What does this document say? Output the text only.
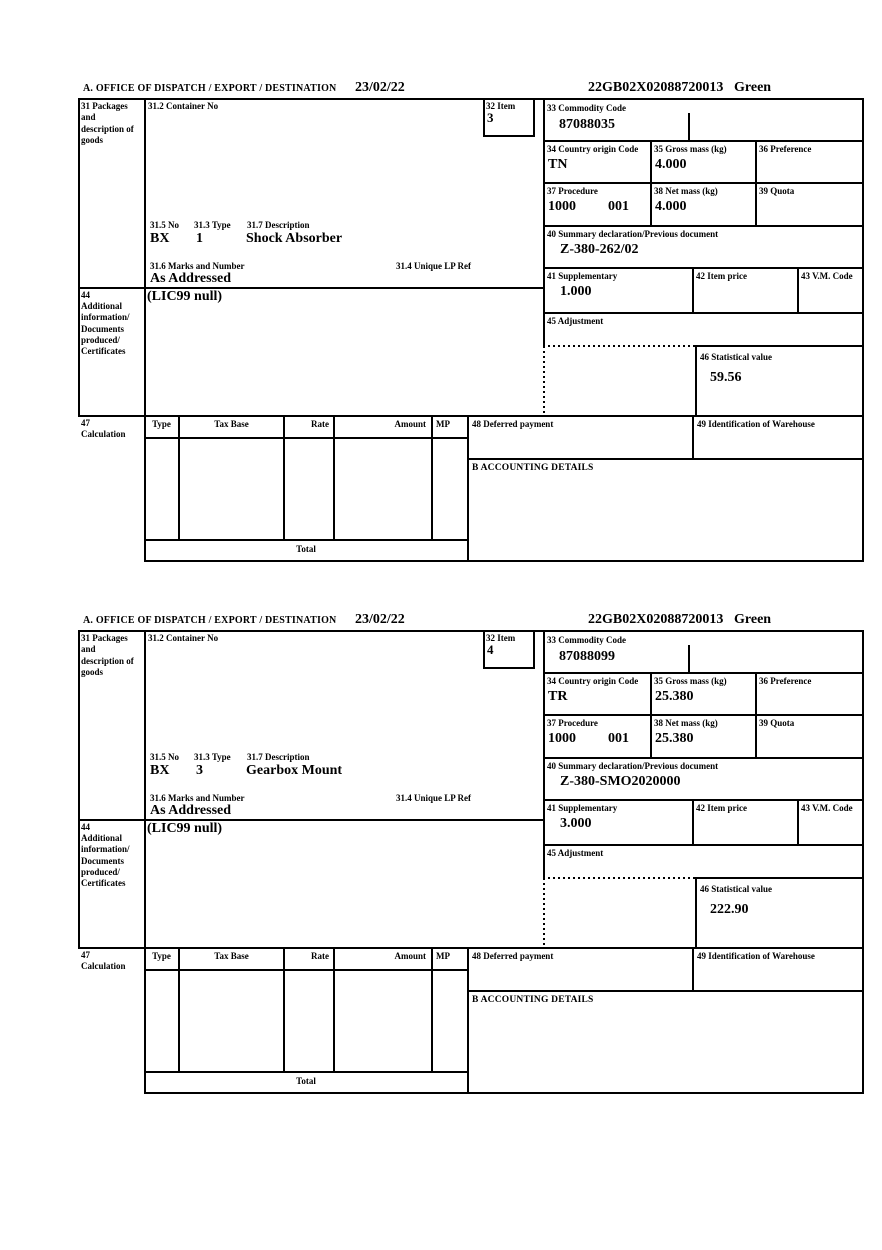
A. OFFICE OF DISPATCH / EXPORT / DESTINATION 23/02/22	22GB02X02088720013 Green
31 Packages and description of goods
44
Additional information/ Documents produced/ Certificates
47
Calculation
31.2 Container No	32 Item
3
31.5 No 31.3 Type 31.7 Description
BX 1	Shock Absorber
31.6 Marks and Number	31.4 Unique LP Ref
As Addressed
(LIC99 null)
33 Commodity Code
87088035
34 Country origin Code
TN
35 Gross mass (kg)
4.000
36 Preference
37 Procedure
1000 001
38 Net mass (kg)
4.000
39 Quota
40 Summary declaration/Previous document
Z-380-262/02
41 Supplementary
1.000
42 Item price	43 V.M. Code
45 Adjustment
46 Statistical value
59.56
Type	Tax Base	Rate	Amount MP
Total
48 Deferred payment	49 Identification of Warehouse
B ACCOUNTING DETAILS
A. OFFICE OF DISPATCH / EXPORT / DESTINATION 23/02/22	22GB02X02088720013 Green
31 Packages and description of goods
44
Additional information/ Documents produced/ Certificates
47
Calculation
31.2 Container No	32 Item
4
31.5 No 31.3 Type 31.7 Description
BX 3	Gearbox Mount
31.6 Marks and Number	31.4 Unique LP Ref
As Addressed
(LIC99 null)
33 Commodity Code
87088099
34 Country origin Code
TR
35 Gross mass (kg)
25.380
36 Preference
37 Procedure
1000 001
38 Net mass (kg)
25.380
39 Quota
40 Summary declaration/Previous document
Z-380-SMO2020000
41 Supplementary
3.000
42 Item price	43 V.M. Code
45 Adjustment
46 Statistical value
222.90
Type	Tax Base	Rate	Amount MP
Total
48 Deferred payment	49 Identification of Warehouse
B ACCOUNTING DETAILS
